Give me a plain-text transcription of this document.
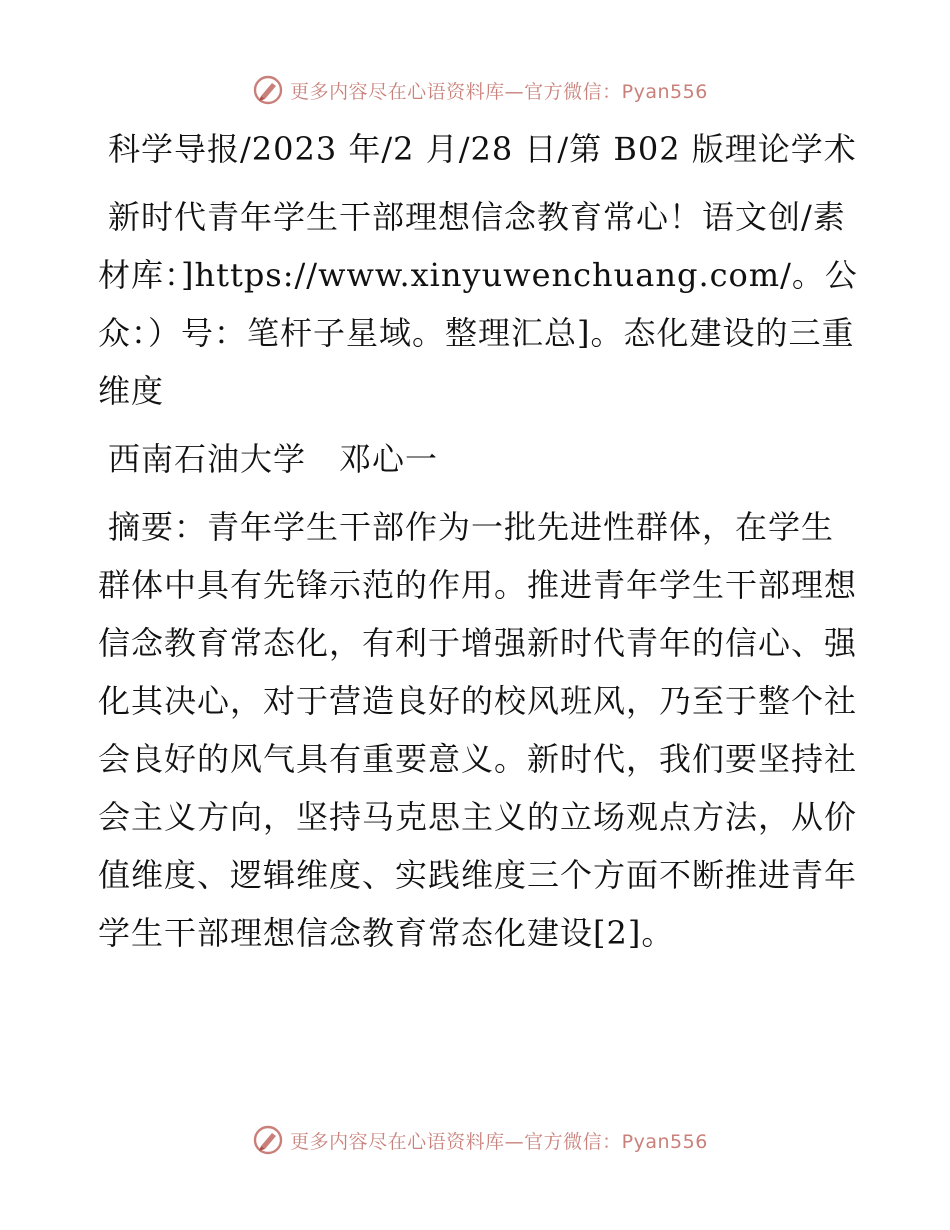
更多内容尽在心语资料库—官方微信：Pyan556

科学导报/2023 年/2 月/28 日/第 B02 版理论学术

新时代青年学生干部理想信念教育常心！语文创/素材库：]https://www.xinyuwenchuang.com/。公众：）号：笔杆子星域。整理汇总]。态化建设的三重维度

西南石油大学　邓心一

摘要：青年学生干部作为一批先进性群体，在学生群体中具有先锋示范的作用。推进青年学生干部理想信念教育常态化，有利于增强新时代青年的信心、强化其决心，对于营造良好的校风班风，乃至于整个社会良好的风气具有重要意义。新时代，我们要坚持社会主义方向，坚持马克思主义的立场观点方法，从价值维度、逻辑维度、实践维度三个方面不断推进青年学生干部理想信念教育常态化建设[2]。

更多内容尽在心语资料库—官方微信：Pyan556
